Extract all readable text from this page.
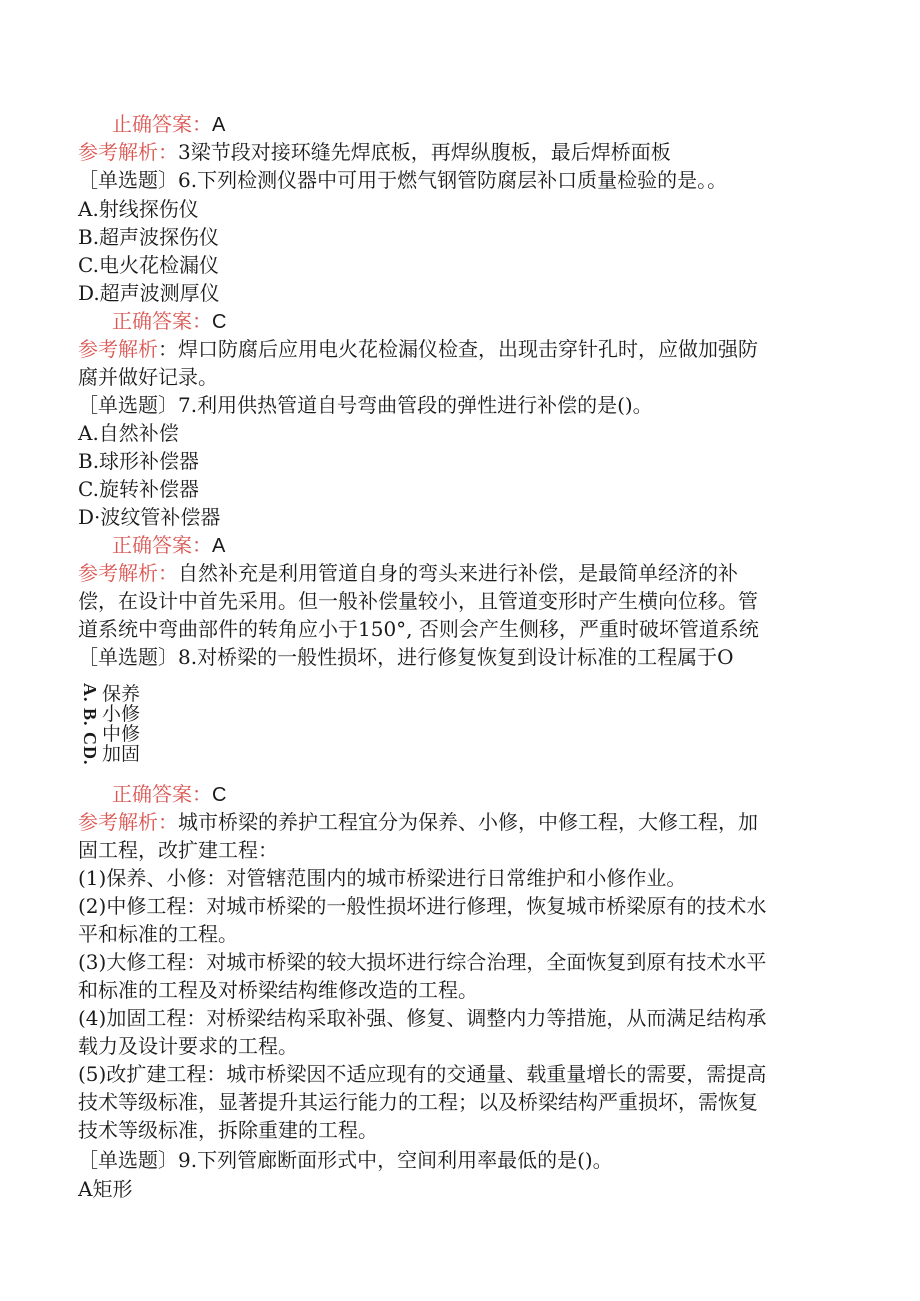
止确答案：A
参考解析：3梁节段对接环缝先焊底板，再焊纵腹板，最后焊桥面板
［单选题〕6.下列检测仪器中可用于燃气钢管防腐层补口质量检验的是。。
A.射线探伤仪
B.超声波探伤仪
C.电火花检漏仪
D.超声波测厚仪
正确答案：C
参考解析：焊口防腐后应用电火花检漏仪检查，出现击穿针孔时，应做加强防
腐并做好记录。
［单选题〕7.利用供热管道自号弯曲管段的弹性进行补偿的是()。
A.自然补偿
B.球形补偿器
C.旋转补偿器
D·波纹管补偿器
正确答案：A
参考解析：自然补充是利用管道自身的弯头来进行补偿，是最简单经济的补
偿，在设计中首先采用。但一般补偿量较小，且管道变形时产生横向位移。管
道系统中弯曲部件的转角应小于150°, 否则会产生侧移，严重时破坏管道系统
［单选题〕8.对桥梁的一般性损坏，进行修复恢复到设计标准的工程属于O
A. B. CD. 保养
小修
中修
加固
正确答案：C
参考解析：城市桥梁的养护工程宜分为保养、小修，中修工程，大修工程，加
固工程，改扩建工程：
(1)保养、小修：对管辖范围内的城市桥梁进行日常维护和小修作业。
(2)中修工程：对城市桥梁的一般性损坏进行修理，恢复城市桥梁原有的技术水
平和标准的工程。
(3)大修工程：对城市桥梁的较大损坏进行综合治理，全面恢复到原有技术水平
和标准的工程及对桥梁结构维修改造的工程。
(4)加固工程：对桥梁结构采取补强、修复、调整内力等措施，从而满足结构承
载力及设计要求的工程。
(5)改扩建工程：城市桥梁因不适应现有的交通量、载重量增长的需要，需提高
技术等级标准，显著提升其运行能力的工程；以及桥梁结构严重损坏，需恢复
技术等级标准，拆除重建的工程。
［单选题〕9.下列管廊断面形式中，空间利用率最低的是()。
A矩形
